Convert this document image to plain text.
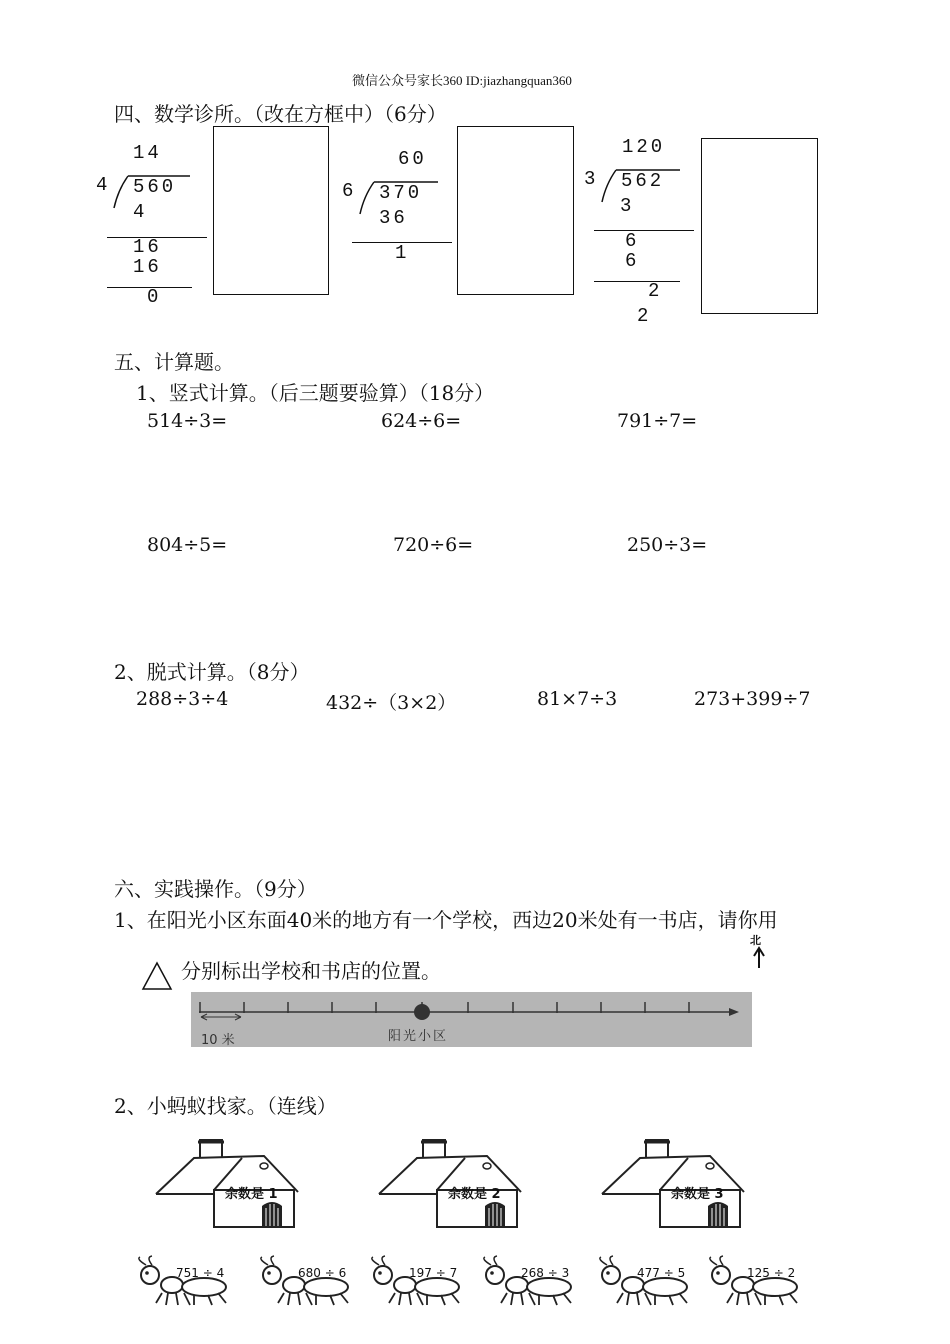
微信公众号家长360 ID:jiazhangquan360
四、数学诊所。（改在方框中）（6分）
14
4 560
4
16
16
0
60
6 370
36
1
120
3 562
3
6
6
2
2
五、计算题。
1、竖式计算。（后三题要验算）（18分）
514÷3=	624÷6=	791÷7=
804÷5=	720÷6=	250÷3=
2、脱式计算。（8分）
288÷3÷4	432÷（3×2）	81×7÷3	273+399÷7
六、实践操作。（9分）
1、在阳光小区东面40米的地方有一个学校，西边20米处有一书店，请你用
分别标出学校和书店的位置。
北
10 米	阳光小区
2、小蚂蚁找家。（连线）
余数是 1	余数是 2	余数是 3
751 ÷ 4	680 ÷ 6	197 ÷ 7	268 ÷ 3	477 ÷ 5	125 ÷ 2
